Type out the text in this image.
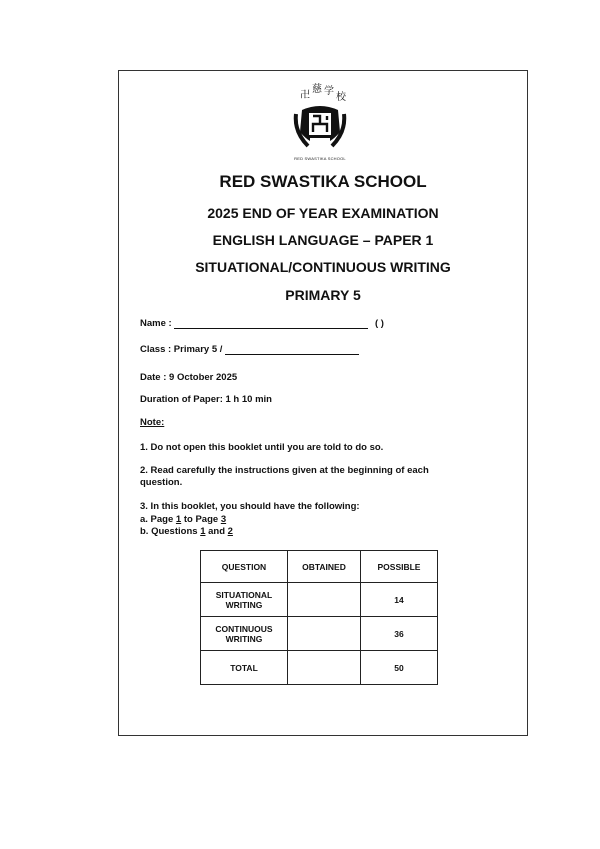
卍
慈 学
校
RED SWASTIKA SCHOOL
RED SWASTIKA SCHOOL
2025 END OF YEAR EXAMINATION
ENGLISH LANGUAGE – PAPER 1
SITUATIONAL/CONTINUOUS WRITING
PRIMARY 5
Name :	( )
Class : Primary 5 /
Date : 9 October 2025
Duration of Paper: 1 h 10 min
Note:
1. Do not open this booklet until you are told to do so.
2. Read carefully the instructions given at the beginning of each
question.
3. In this booklet, you should have the following:
a. Page 1 to Page 3
b. Questions 1 and 2
QUESTION	OBTAINED	POSSIBLE

SITUATIONAL
WRITING		14

CONTINUOUS
WRITING		36
TOTAL		50
